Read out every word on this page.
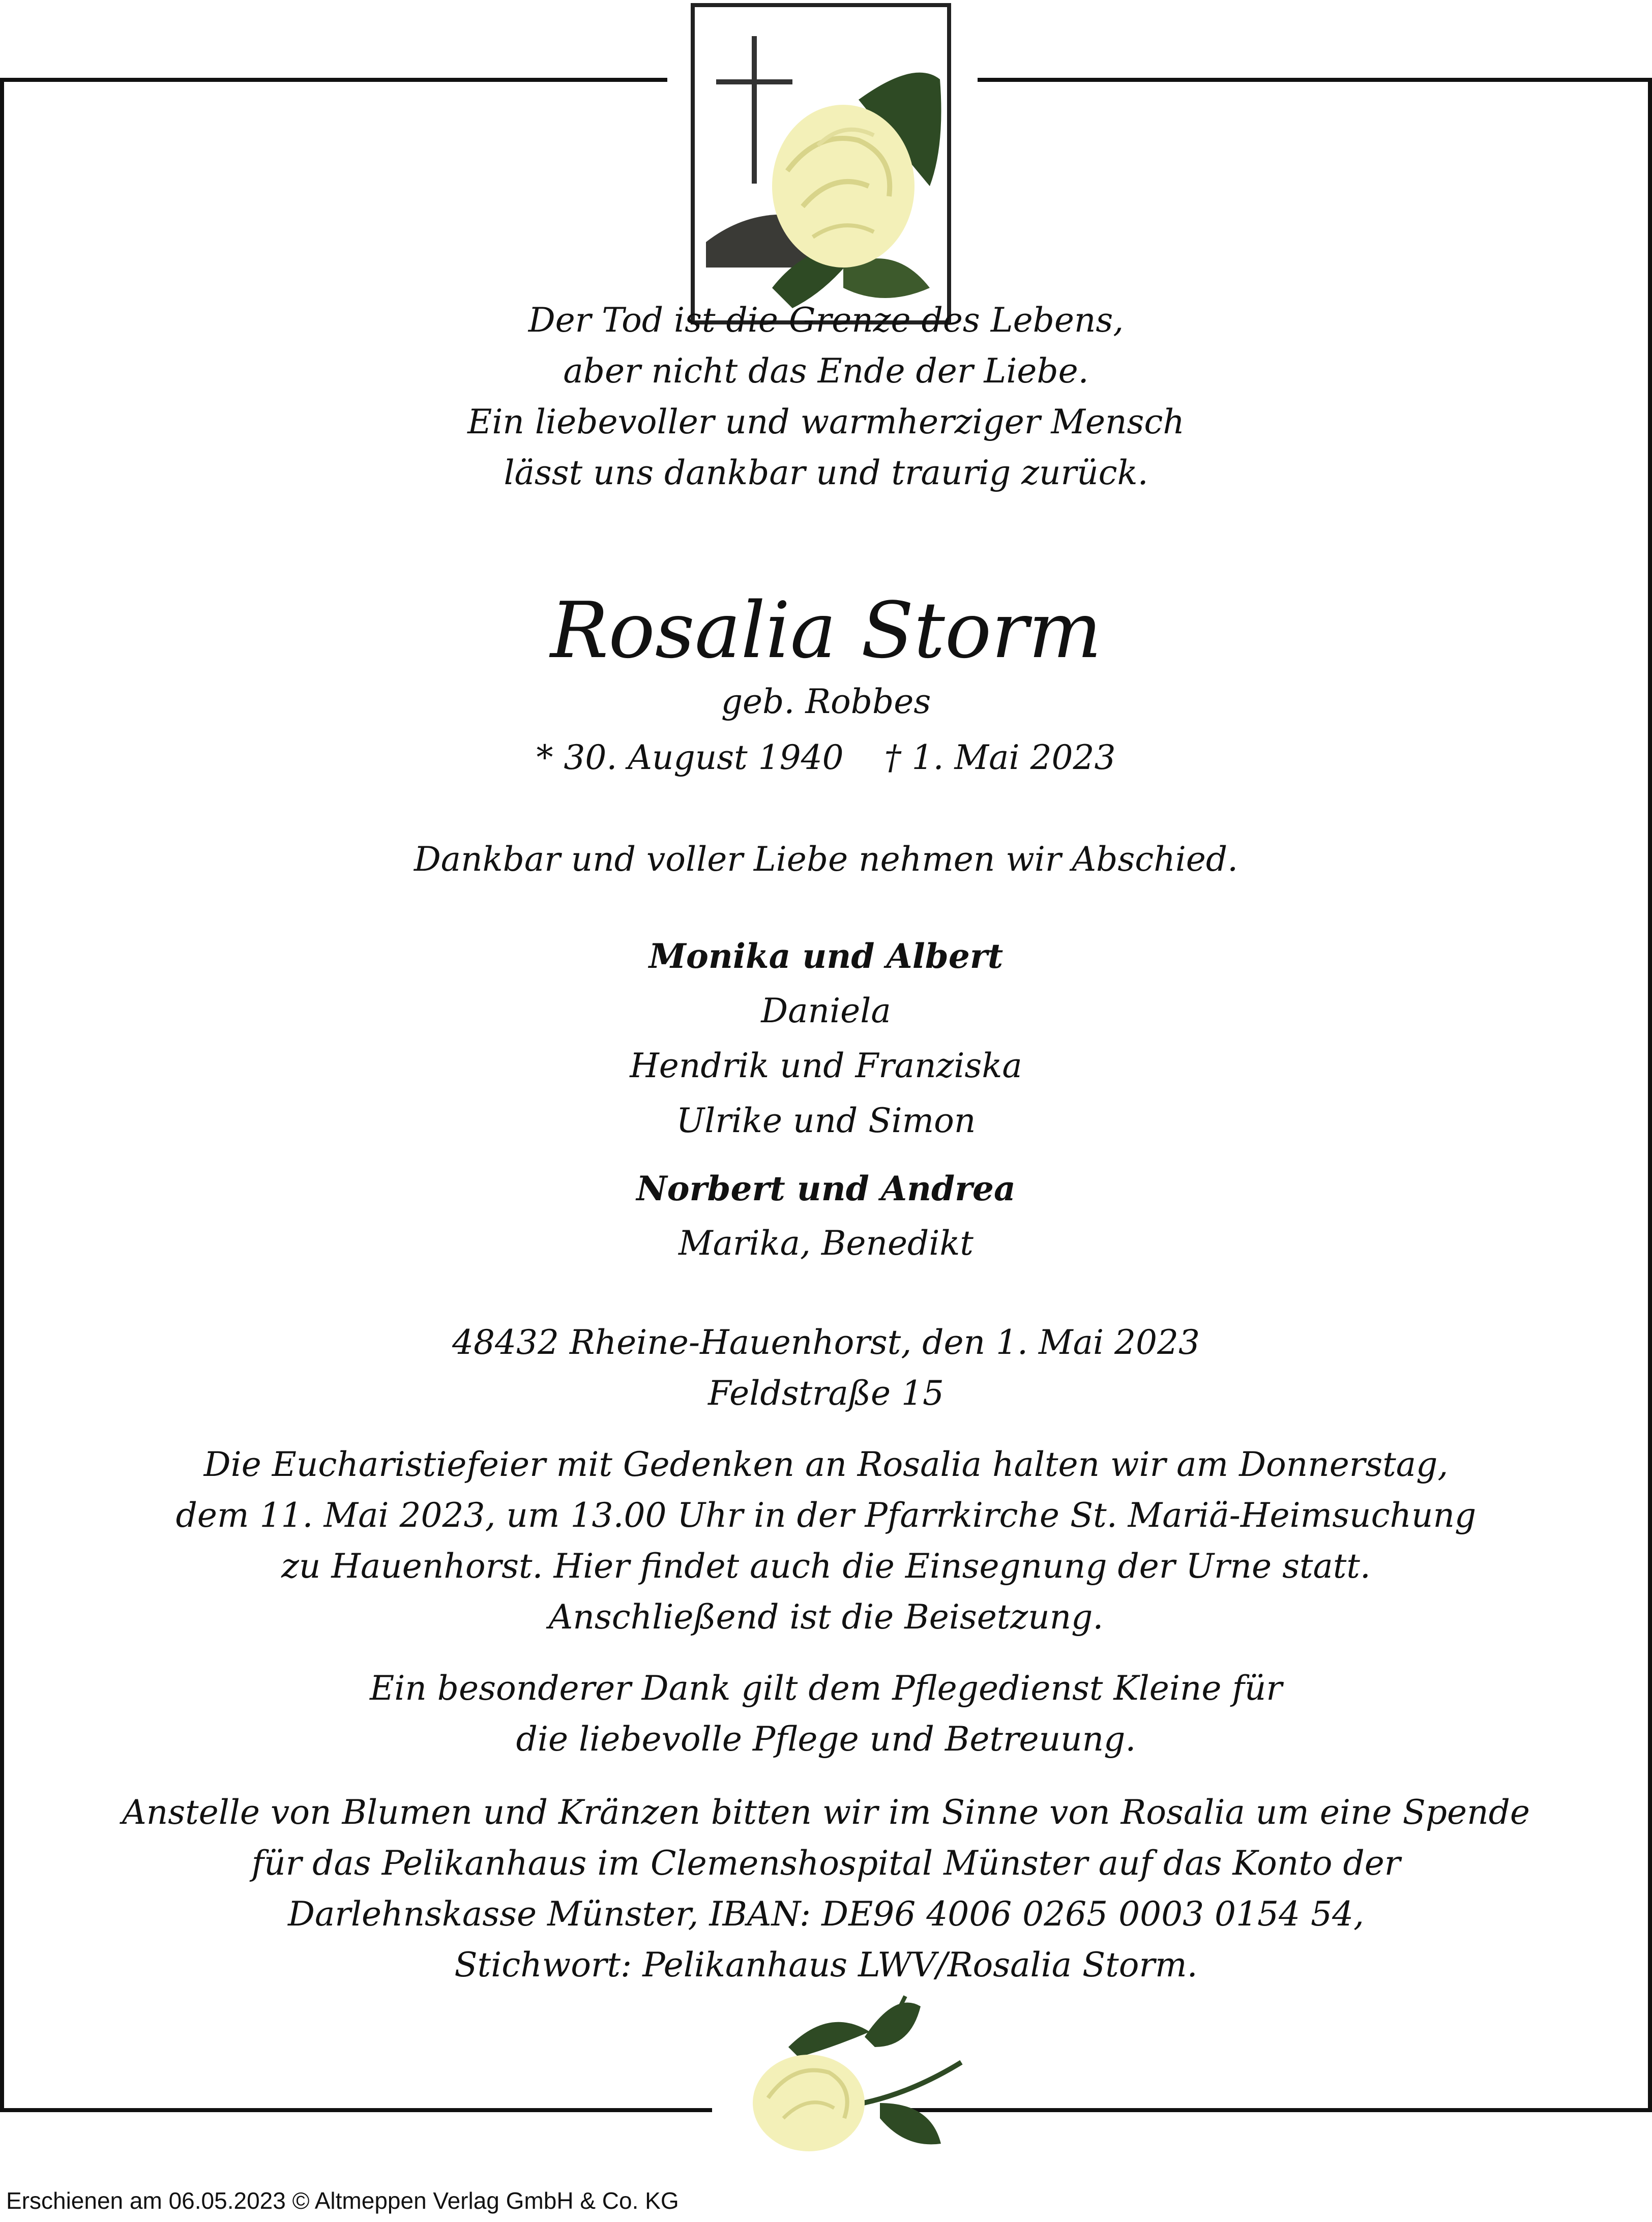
Der Tod ist die Grenze des Lebens,
aber nicht das Ende der Liebe.
Ein liebevoller und warmherziger Mensch
lässt uns dankbar und traurig zurück.
Rosalia Storm
geb. Robbes
* 30. August 1940 † 1. Mai 2023
Dankbar und voller Liebe nehmen wir Abschied.
Monika und Albert
Daniela
Hendrik und Franziska
Ulrike und Simon
Norbert und Andrea
Marika, Benedikt
48432 Rheine-Hauenhorst, den 1. Mai 2023
Feldstraße 15
Die Eucharistiefeier mit Gedenken an Rosalia halten wir am Donnerstag,
dem 11. Mai 2023, um 13.00 Uhr in der Pfarrkirche St. Mariä-Heimsuchung
zu Hauenhorst. Hier findet auch die Einsegnung der Urne statt.
Anschließend ist die Beisetzung.
Ein besonderer Dank gilt dem Pflegedienst Kleine für
die liebevolle Pflege und Betreuung.
Anstelle von Blumen und Kränzen bitten wir im Sinne von Rosalia um eine Spende
für das Pelikanhaus im Clemenshospital Münster auf das Konto der
Darlehnskasse Münster, IBAN: DE96 4006 0265 0003 0154 54,
Stichwort: Pelikanhaus LWV/Rosalia Storm.
Erschienen am 06.05.2023 © Altmeppen Verlag GmbH & Co. KG
